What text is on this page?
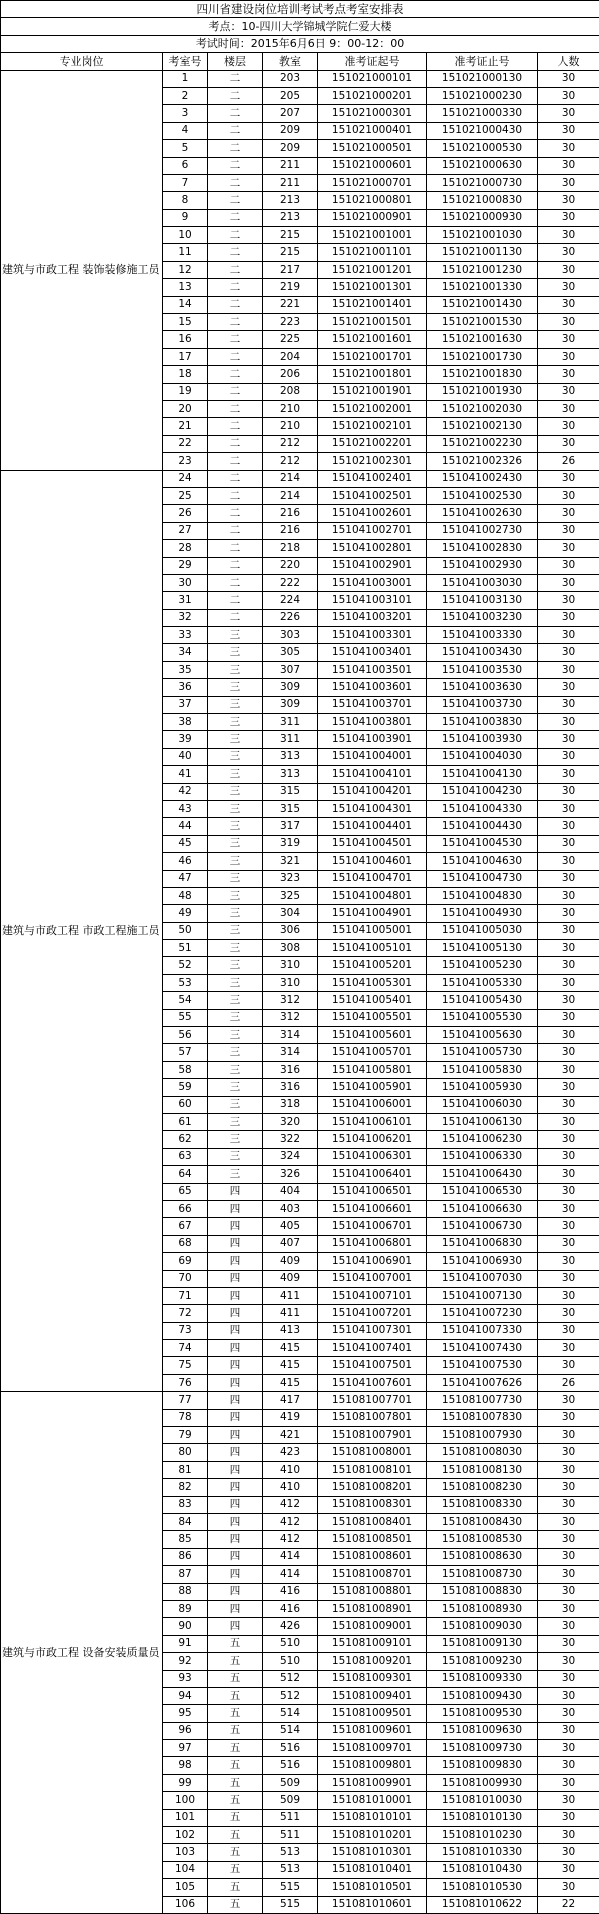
四川省建设岗位培训考试考点考室安排表						
考点：10-四川大学锦城学院仁爱大楼						
考试时间：2015年6月6日 9：00-12：00						
专业岗位	考室号	楼层	教室	准考证起号	准考证止号	人数
建筑与市政工程 装饰装修施工员	1	二	203	151021000101	151021000130	30
	2	二	205	151021000201	151021000230	30
	3	二	207	151021000301	151021000330	30
	4	二	209	151021000401	151021000430	30
	5	二	209	151021000501	151021000530	30
	6	二	211	151021000601	151021000630	30
	7	二	211	151021000701	151021000730	30
	8	二	213	151021000801	151021000830	30
	9	二	213	151021000901	151021000930	30
	10	二	215	151021001001	151021001030	30
	11	二	215	151021001101	151021001130	30
	12	二	217	151021001201	151021001230	30
	13	二	219	151021001301	151021001330	30
	14	二	221	151021001401	151021001430	30
	15	二	223	151021001501	151021001530	30
	16	二	225	151021001601	151021001630	30
	17	二	204	151021001701	151021001730	30
	18	二	206	151021001801	151021001830	30
	19	二	208	151021001901	151021001930	30
	20	二	210	151021002001	151021002030	30
	21	二	210	151021002101	151021002130	30
	22	二	212	151021002201	151021002230	30
	23	二	212	151021002301	151021002326	26
建筑与市政工程 市政工程施工员	24	二	214	151041002401	151041002430	30
	25	二	214	151041002501	151041002530	30
	26	二	216	151041002601	151041002630	30
	27	二	216	151041002701	151041002730	30
	28	二	218	151041002801	151041002830	30
	29	二	220	151041002901	151041002930	30
	30	二	222	151041003001	151041003030	30
	31	二	224	151041003101	151041003130	30
	32	二	226	151041003201	151041003230	30
	33	三	303	151041003301	151041003330	30
	34	三	305	151041003401	151041003430	30
	35	三	307	151041003501	151041003530	30
	36	三	309	151041003601	151041003630	30
	37	三	309	151041003701	151041003730	30
	38	三	311	151041003801	151041003830	30
	39	三	311	151041003901	151041003930	30
	40	三	313	151041004001	151041004030	30
	41	三	313	151041004101	151041004130	30
	42	三	315	151041004201	151041004230	30
	43	三	315	151041004301	151041004330	30
	44	三	317	151041004401	151041004430	30
	45	三	319	151041004501	151041004530	30
	46	三	321	151041004601	151041004630	30
	47	三	323	151041004701	151041004730	30
	48	三	325	151041004801	151041004830	30
	49	三	304	151041004901	151041004930	30
	50	三	306	151041005001	151041005030	30
	51	三	308	151041005101	151041005130	30
	52	三	310	151041005201	151041005230	30
	53	三	310	151041005301	151041005330	30
	54	三	312	151041005401	151041005430	30
	55	三	312	151041005501	151041005530	30
	56	三	314	151041005601	151041005630	30
	57	三	314	151041005701	151041005730	30
	58	三	316	151041005801	151041005830	30
	59	三	316	151041005901	151041005930	30
	60	三	318	151041006001	151041006030	30
	61	三	320	151041006101	151041006130	30
	62	三	322	151041006201	151041006230	30
	63	三	324	151041006301	151041006330	30
	64	三	326	151041006401	151041006430	30
	65	四	404	151041006501	151041006530	30
	66	四	403	151041006601	151041006630	30
	67	四	405	151041006701	151041006730	30
	68	四	407	151041006801	151041006830	30
	69	四	409	151041006901	151041006930	30
	70	四	409	151041007001	151041007030	30
	71	四	411	151041007101	151041007130	30
	72	四	411	151041007201	151041007230	30
	73	四	413	151041007301	151041007330	30
	74	四	415	151041007401	151041007430	30
	75	四	415	151041007501	151041007530	30
	76	四	415	151041007601	151041007626	26
建筑与市政工程 设备安装质量员	77	四	417	151081007701	151081007730	30
	78	四	419	151081007801	151081007830	30
	79	四	421	151081007901	151081007930	30
	80	四	423	151081008001	151081008030	30
	81	四	410	151081008101	151081008130	30
	82	四	410	151081008201	151081008230	30
	83	四	412	151081008301	151081008330	30
	84	四	412	151081008401	151081008430	30
	85	四	412	151081008501	151081008530	30
	86	四	414	151081008601	151081008630	30
	87	四	414	151081008701	151081008730	30
	88	四	416	151081008801	151081008830	30
	89	四	416	151081008901	151081008930	30
	90	四	426	151081009001	151081009030	30
	91	五	510	151081009101	151081009130	30
	92	五	510	151081009201	151081009230	30
	93	五	512	151081009301	151081009330	30
	94	五	512	151081009401	151081009430	30
	95	五	514	151081009501	151081009530	30
	96	五	514	151081009601	151081009630	30
	97	五	516	151081009701	151081009730	30
	98	五	516	151081009801	151081009830	30
	99	五	509	151081009901	151081009930	30
	100	五	509	151081010001	151081010030	30
	101	五	511	151081010101	151081010130	30
	102	五	511	151081010201	151081010230	30
	103	五	513	151081010301	151081010330	30
	104	五	513	151081010401	151081010430	30
	105	五	515	151081010501	151081010530	30
	106	五	515	151081010601	151081010622	22
